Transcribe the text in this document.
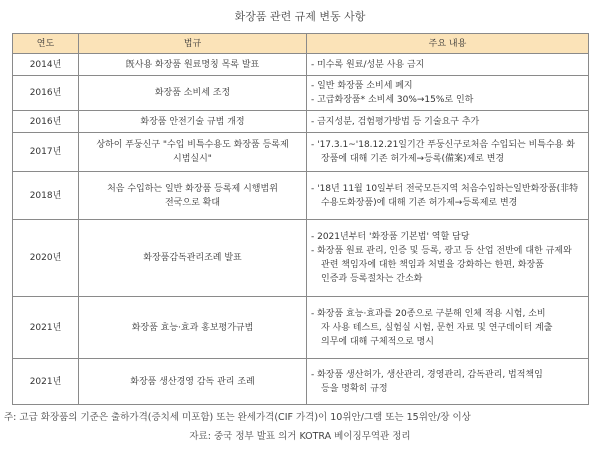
화장품 관련 규제 변동 사항
연도	법규	주요 내용
2014년	旣사용 화장품 원료명칭 목록 발표	- 미수록 원료/성분 사용 금지

2016년	화장품 소비세 조정	- 일반 화장품 소비세 폐지
- 고급화장품* 소비세 30%→15%로 인하

2016년	화장품 안전기술 규범 개정	- 금지성분, 검험평가방법 등 기술요구 추가

2017년	상하이 푸둥신구 "수입 비특수용도 화장품 등록제
시범실시"	- '17.3.1~'18.12.21일기간 푸둥신구로처음 수입되는 비특수용 화
장품에 대해 기존 허가제→등록(備案)제로 변경

2018년	처음 수입하는 일반 화장품 등록제 시행범위
전국으로 확대	- '18년 11월 10일부터 전국모든지역 처음수입하는일반화장품(非特
수용도화장품)에 대해 기존 허가제→등록제로 변경

2020년	화장품감독관리조례 발표	- 2021년부터 '화장품 기본법' 역할 담당
- 화장품 원료 관리, 인증 및 등록, 광고 등 산업 전반에 대한 규제와
관련 책임자에 대한 책임과 처벌을 강화하는 한편, 화장품
인증과 등록절차는 간소화

2021년	화장품 효능·효과 홍보평가규범	- 화장품 효능·효과를 20종으로 구분해 인체 적용 시험, 소비
자 사용 테스트, 실험실 시험, 문헌 자료 및 연구데이터 계출
의무에 대해 구체적으로 명시

2021년	화장품 생산경영 감독 관리 조례	- 화장품 생산허가, 생산관리, 경영관리, 감독관리, 법적책임
등을 명확히 규정
주: 고급 화장품의 기준은 출하가격(증치세 미포함) 또는 완세가격(CIF 가격)이 10위안/그램 또는 15위안/장 이상
자료: 중국 정부 발표 의거 KOTRA 베이징무역관 정리
